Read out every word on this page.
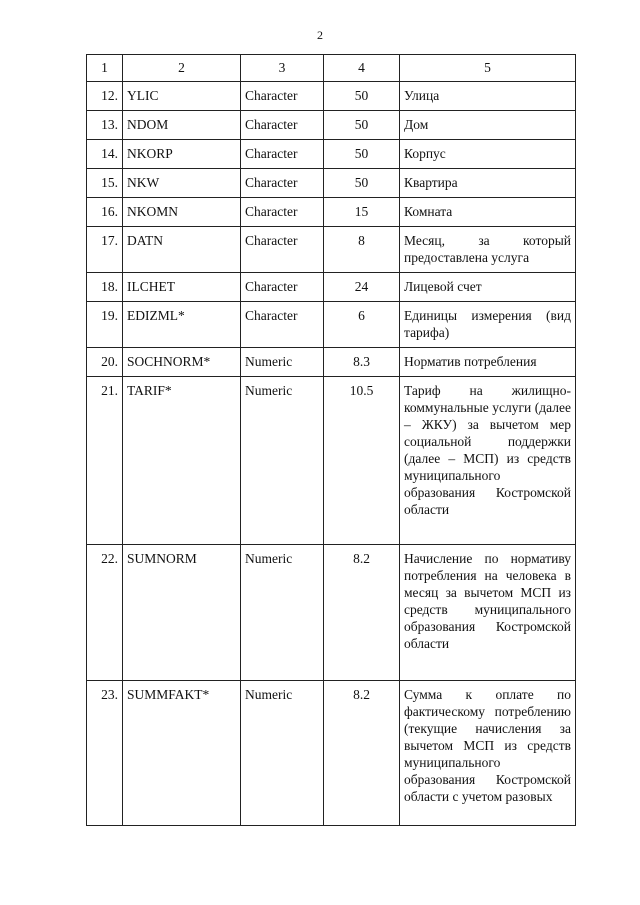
2
1	2	3	4	5
12.	YLIC	Character	50	Улица
13.	NDOM	Character	50	Дом
14.	NKORP	Character	50	Корпус
15.	NKW	Character	50	Квартира
16.	NKOMN	Character	15	Комната
17.	DATN	Character	8	Месяц, за который предоставлена услуга
18.	ILCHET	Character	24	Лицевой счет
19.	EDIZML*	Character	6	Единицы измерения (вид тарифа)
20.	SOCHNORM*	Numeric	8.3	Норматив потребления
21.	TARIF*	Numeric	10.5	Тариф на жилищно-коммунальные услуги (далее – ЖКУ) за вычетом мер социальной поддержки (далее – МСП) из средств муниципального образования Костромской области
22.	SUMNORM	Numeric	8.2	Начисление по нормативу потребления на человека в месяц за вычетом МСП из средств муниципального образования Костромской области
23.	SUMMFAKT*	Numeric	8.2	Сумма к оплате по фактическому потреблению (текущие начисления за вычетом МСП из средств муниципального образования Костромской области с учетом разовых
